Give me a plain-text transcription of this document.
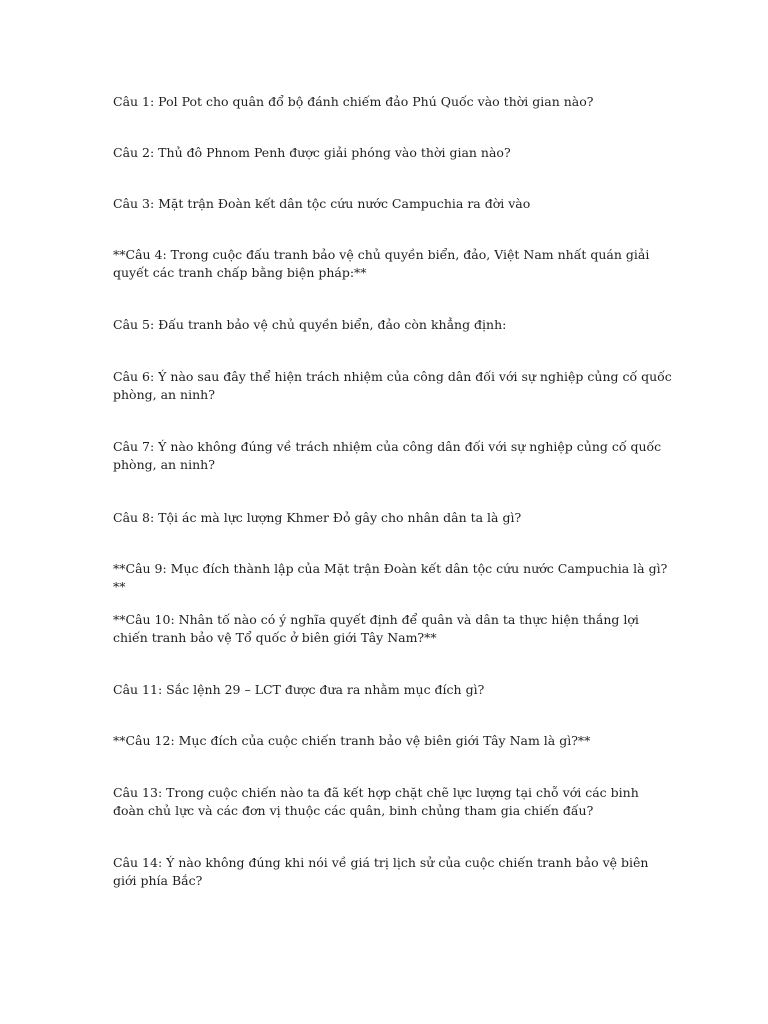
Câu 1: Pol Pot cho quân đổ bộ đánh chiếm đảo Phú Quốc vào thời gian nào?

Câu 2: Thủ đô Phnom Penh được giải phóng vào thời gian nào?

Câu 3: Mặt trận Đoàn kết dân tộc cứu nước Campuchia ra đời vào

**Câu 4: Trong cuộc đấu tranh bảo vệ chủ quyền biển, đảo, Việt Nam nhất quán giải quyết các tranh chấp bằng biện pháp:**

Câu 5: Đấu tranh bảo vệ chủ quyền biển, đảo còn khẳng định:

Câu 6: Ý nào sau đây thể hiện trách nhiệm của công dân đối với sự nghiệp củng cố quốc phòng, an ninh?

Câu 7: Ý nào không đúng về trách nhiệm của công dân đối với sự nghiệp củng cố quốc phòng, an ninh?

Câu 8: Tội ác mà lực lượng Khmer Đỏ gây cho nhân dân ta là gì?

**Câu 9: Mục đích thành lập của Mặt trận Đoàn kết dân tộc cứu nước Campuchia là gì?**

**Câu 10: Nhân tố nào có ý nghĩa quyết định để quân và dân ta thực hiện thắng lợi chiến tranh bảo vệ Tổ quốc ở biên giới Tây Nam?**

Câu 11: Sắc lệnh 29 – LCT được đưa ra nhằm mục đích gì?

**Câu 12: Mục đích của cuộc chiến tranh bảo vệ biên giới Tây Nam là gì?**

Câu 13: Trong cuộc chiến nào ta đã kết hợp chặt chẽ lực lượng tại chỗ với các binh đoàn chủ lực và các đơn vị thuộc các quân, binh chủng tham gia chiến đấu?

Câu 14: Ý nào không đúng khi nói về giá trị lịch sử của cuộc chiến tranh bảo vệ biên giới phía Bắc?
